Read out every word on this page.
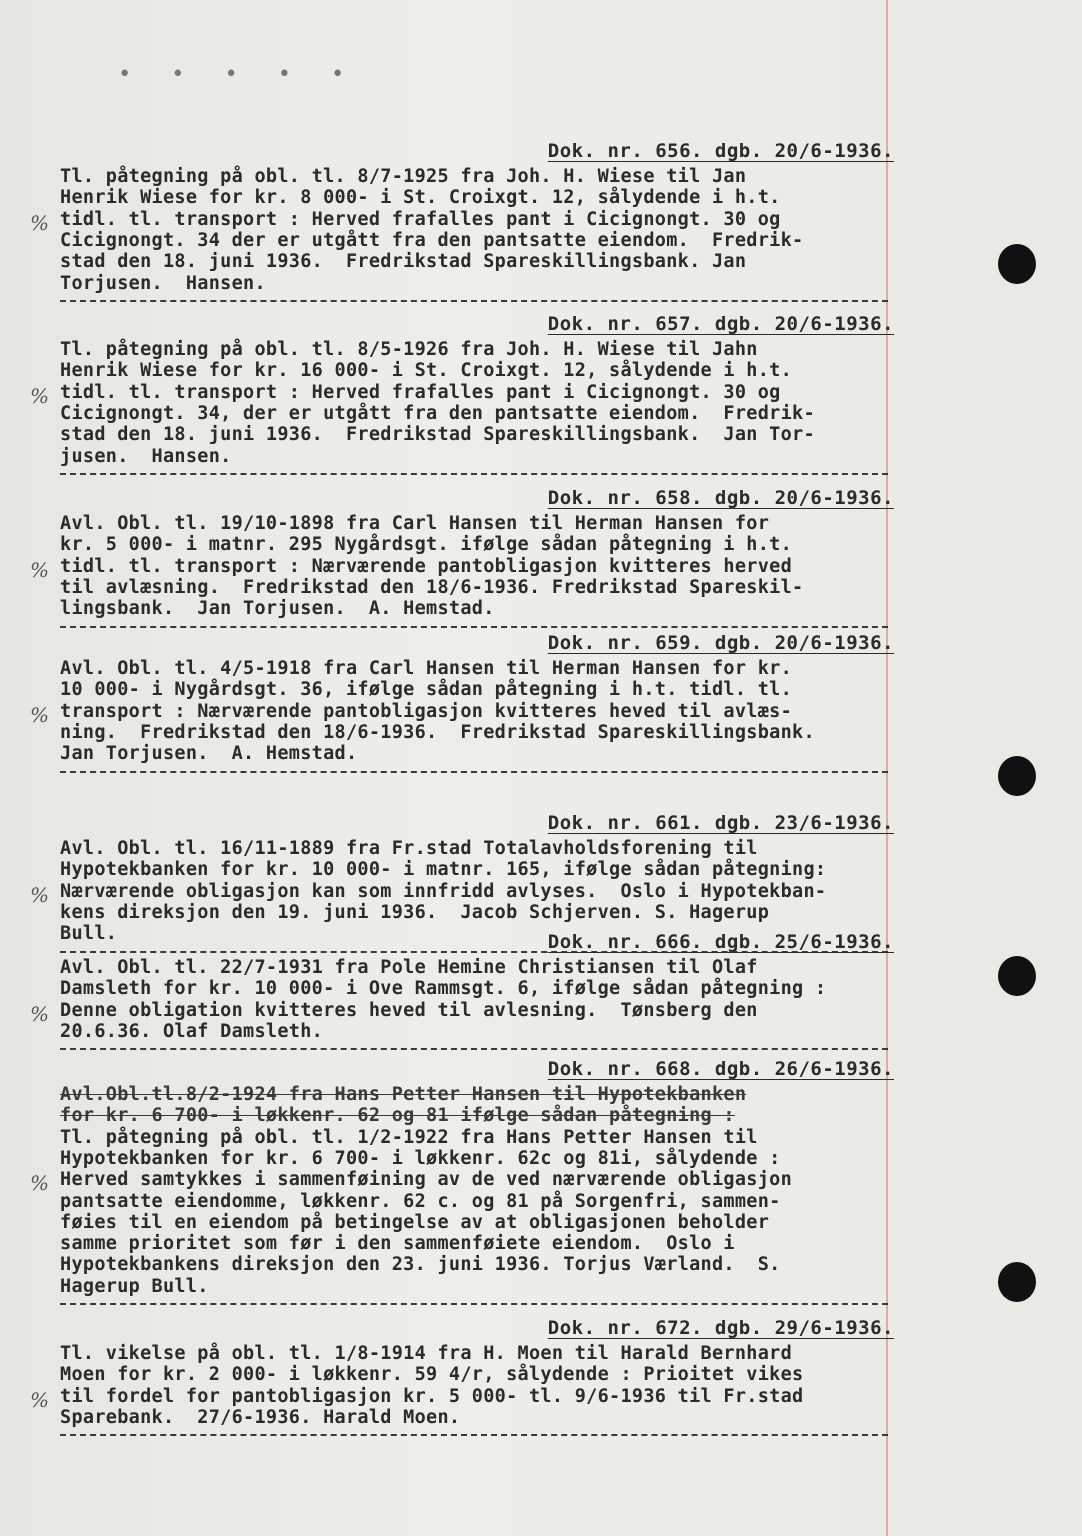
•••••
Dok. nr. 656. dgb. 20/6-1936.
Tl. påtegning på obl. tl. 8/7-1925 fra Joh. H. Wiese til Jan
Henrik Wiese for kr. 8 000- i St. Croixgt. 12, sålydende i h.t.
tidl. tl. transport : Herved frafalles pant i Cicignongt. 30 og
%
Cicignongt. 34 der er utgått fra den pantsatte eiendom.  Fredrik-
stad den 18. juni 1936.  Fredrikstad Spareskillingsbank. Jan
Torjusen.  Hansen.
Dok. nr. 657. dgb. 20/6-1936.
Tl. påtegning på obl. tl. 8/5-1926 fra Joh. H. Wiese til Jahn
Henrik Wiese for kr. 16 000- i St. Croixgt. 12, sålydende i h.t.
tidl. tl. transport : Herved frafalles pant i Cicignongt. 30 og
%
Cicignongt. 34, der er utgått fra den pantsatte eiendom.  Fredrik-
stad den 18. juni 1936.  Fredrikstad Spareskillingsbank.  Jan Tor-
jusen.  Hansen.
Dok. nr. 658. dgb. 20/6-1936.
Avl. Obl. tl. 19/10-1898 fra Carl Hansen til Herman Hansen for
kr. 5 000- i matnr. 295 Nygårdsgt. ifølge sådan påtegning i h.t.
tidl. tl. transport : Nærværende pantobligasjon kvitteres herved
%
til avlæsning.  Fredrikstad den 18/6-1936. Fredrikstad Spareskil-
lingsbank.  Jan Torjusen.  A. Hemstad.
Dok. nr. 659. dgb. 20/6-1936.
Avl. Obl. tl. 4/5-1918 fra Carl Hansen til Herman Hansen for kr.
10 000- i Nygårdsgt. 36, ifølge sådan påtegning i h.t. tidl. tl.
transport : Nærværende pantobligasjon kvitteres heved til avlæs-
%
ning.  Fredrikstad den 18/6-1936.  Fredrikstad Spareskillingsbank.
Jan Torjusen.  A. Hemstad.
Dok. nr. 661. dgb. 23/6-1936.
Avl. Obl. tl. 16/11-1889 fra Fr.stad Totalavholdsforening til
Hypotekbanken for kr. 10 000- i matnr. 165, ifølge sådan påtegning:
Nærværende obligasjon kan som innfridd avlyses.  Oslo i Hypotekban-
%
kens direksjon den 19. juni 1936.  Jacob Schjerven. S. Hagerup
Bull.	Dok. nr. 666. dgb. 25/6-1936.
Avl. Obl. tl. 22/7-1931 fra Pole Hemine Christiansen til Olaf
Damsleth for kr. 10 000- i Ove Rammsgt. 6, ifølge sådan påtegning :
Denne obligation kvitteres heved til avlesning.  Tønsberg den
%
20.6.36. Olaf Damsleth.
Dok. nr. 668. dgb. 26/6-1936.
Avl.Obl.tl.8/2-1924 fra Hans Petter Hansen til Hypotekbanken
for kr. 6 700- i løkkenr. 62 og 81 ifølge sådan påtegning :
Tl. påtegning på obl. tl. 1/2-1922 fra Hans Petter Hansen til
Hypotekbanken for kr. 6 700- i løkkenr. 62c og 81i, sålydende :
Herved samtykkes i sammenføining av de ved nærværende obligasjon
%
pantsatte eiendomme, løkkenr. 62 c. og 81 på Sorgenfri, sammen-
føies til en eiendom på betingelse av at obligasjonen beholder
samme prioritet som før i den sammenføiete eiendom.  Oslo i
Hypotekbankens direksjon den 23. juni 1936. Torjus Værland.  S.
Hagerup Bull.
Dok. nr. 672. dgb. 29/6-1936.
Tl. vikelse på obl. tl. 1/8-1914 fra H. Moen til Harald Bernhard
Moen for kr. 2 000- i løkkenr. 59 4/r, sålydende : Prioitet vikes
til fordel for pantobligasjon kr. 5 000- tl. 9/6-1936 til Fr.stad
%
Sparebank.  27/6-1936. Harald Moen.
